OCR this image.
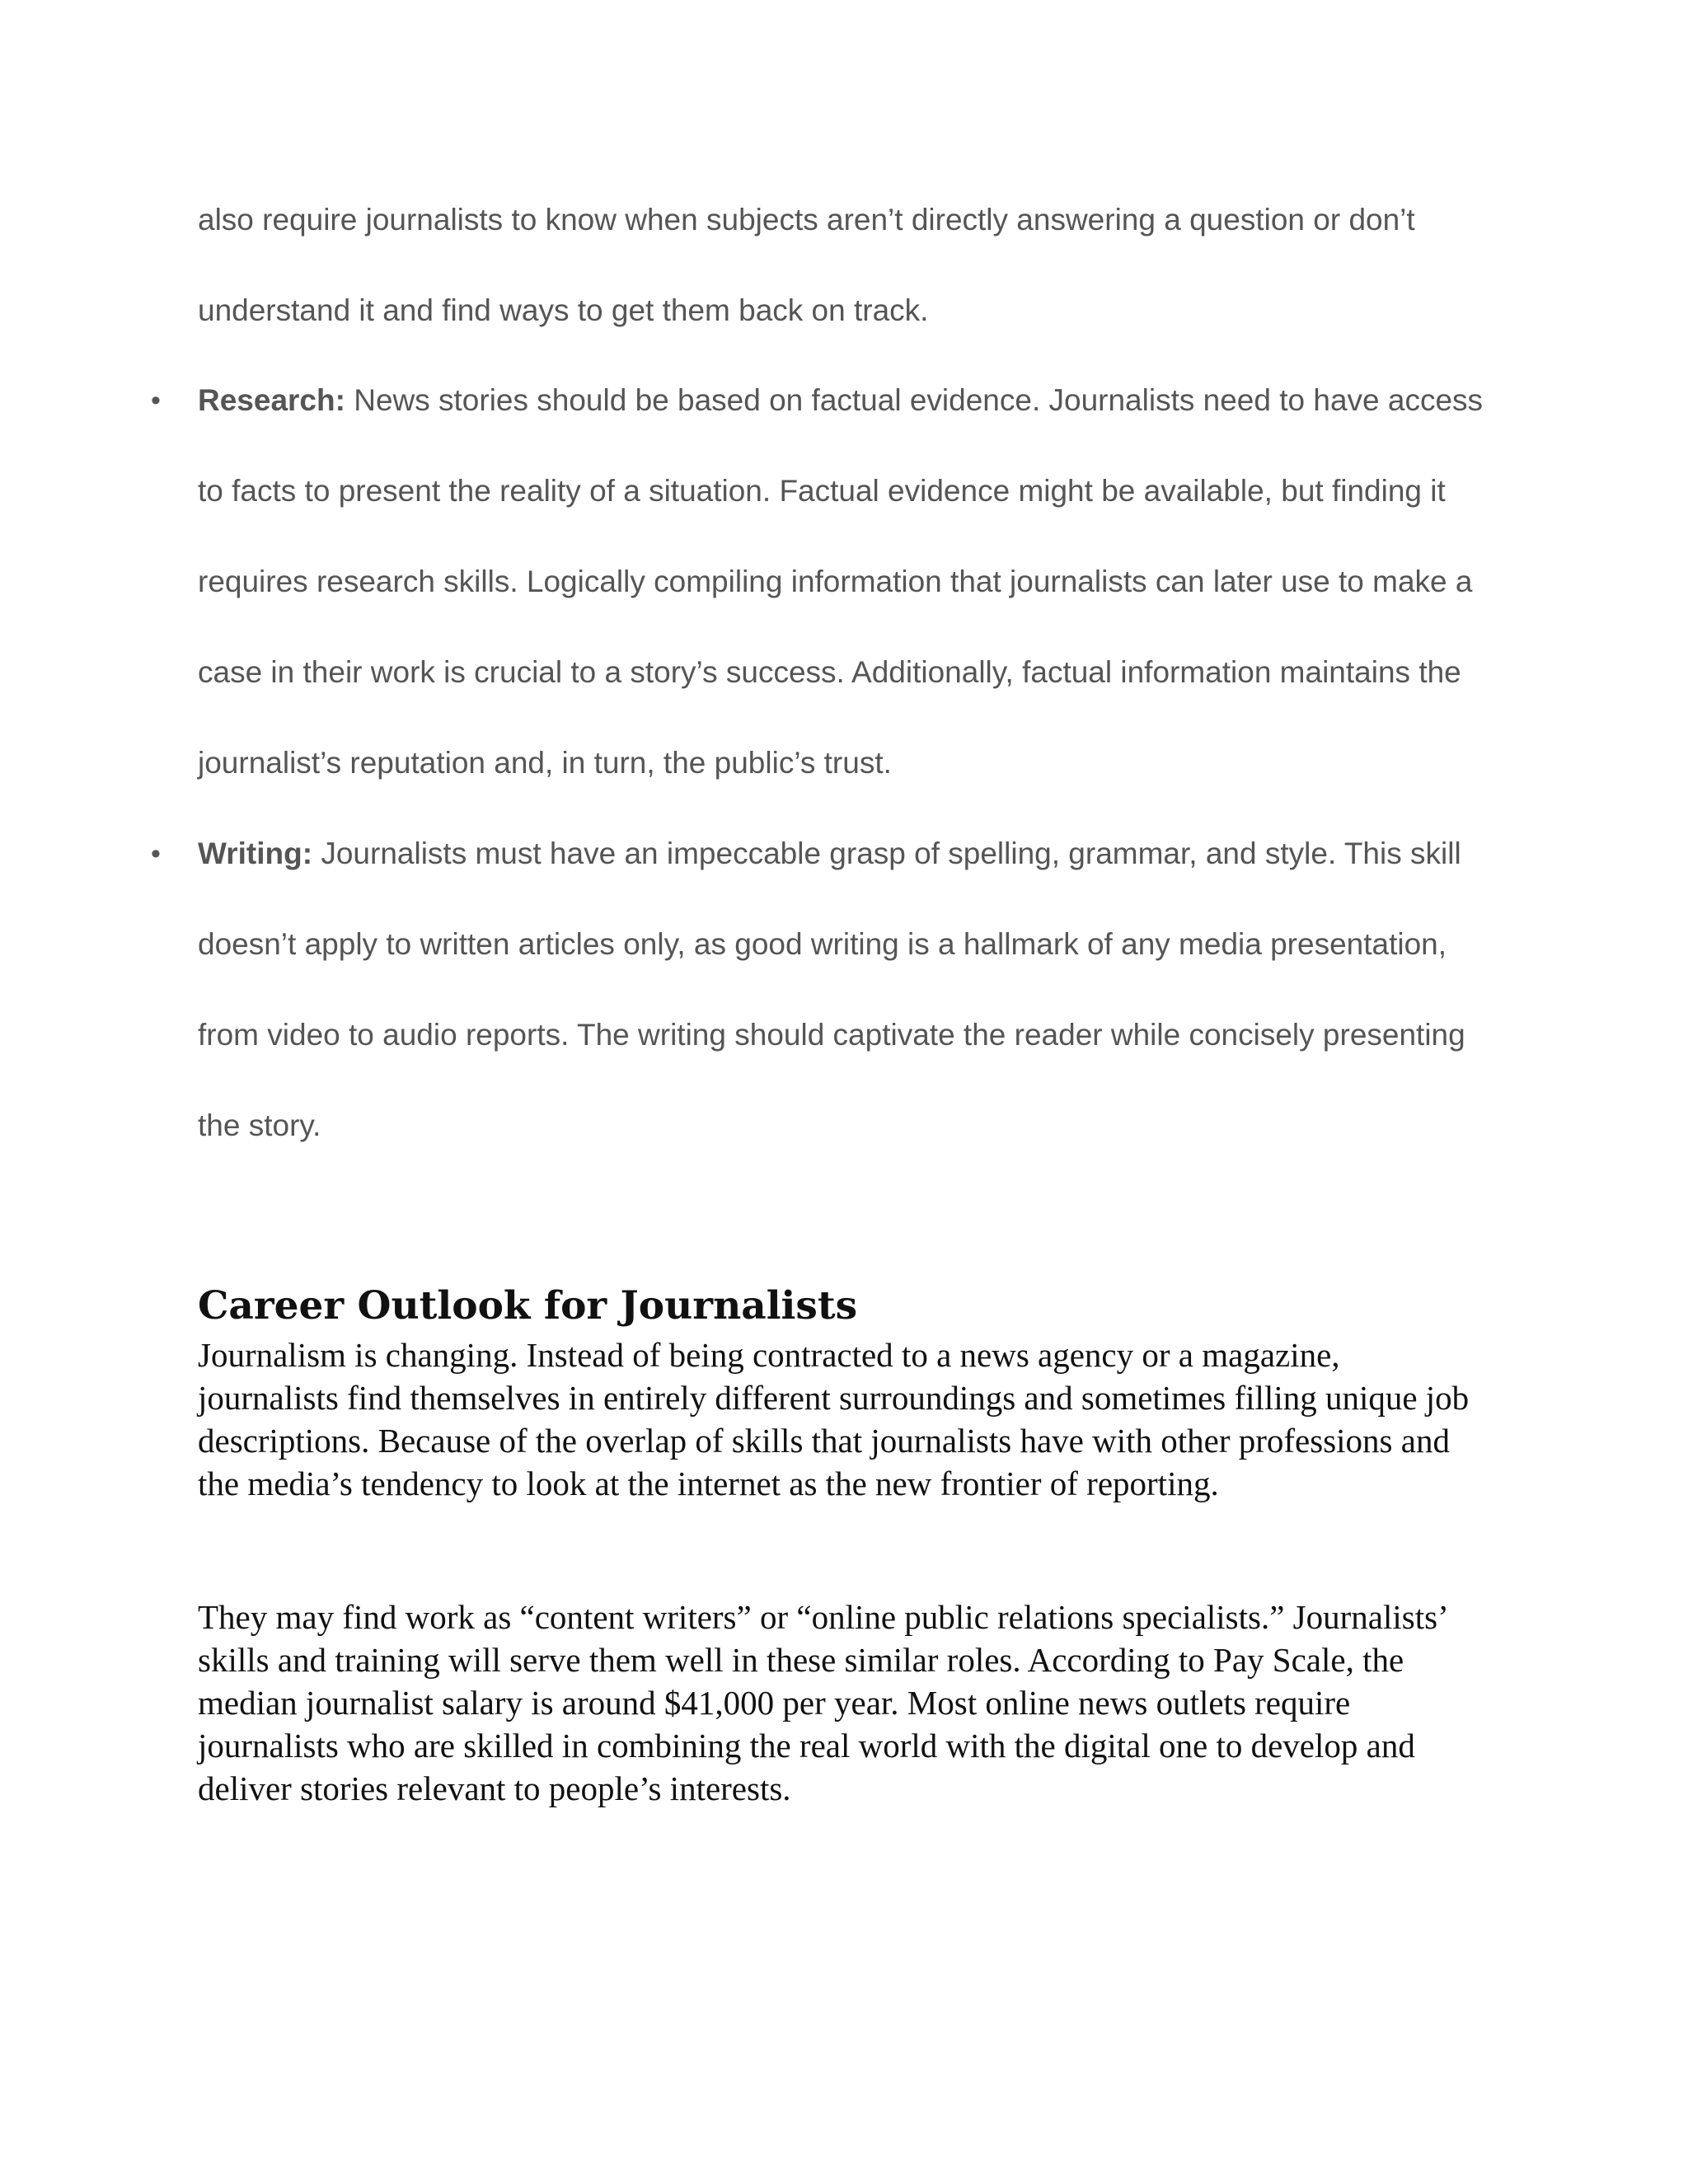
also require journalists to know when subjects aren’t directly answering a question or don’t understand it and find ways to get them back on track.

• Research: News stories should be based on factual evidence. Journalists need to have access to facts to present the reality of a situation. Factual evidence might be available, but finding it requires research skills. Logically compiling information that journalists can later use to make a case in their work is crucial to a story’s success. Additionally, factual information maintains the journalist’s reputation and, in turn, the public’s trust.
• Writing: Journalists must have an impeccable grasp of spelling, grammar, and style. This skill doesn’t apply to written articles only, as good writing is a hallmark of any media presentation, from video to audio reports. The writing should captivate the reader while concisely presenting the story.
Career Outlook for Journalists

Journalism is changing. Instead of being contracted to a news agency or a magazine, journalists find themselves in entirely different surroundings and sometimes filling unique job descriptions. Because of the overlap of skills that journalists have with other professions and the media’s tendency to look at the internet as the new frontier of reporting.

They may find work as “content writers” or “online public relations specialists.” Journalists’ skills and training will serve them well in these similar roles. According to Pay Scale, the median journalist salary is around $41,000 per year. Most online news outlets require journalists who are skilled in combining the real world with the digital one to develop and deliver stories relevant to people’s interests.
